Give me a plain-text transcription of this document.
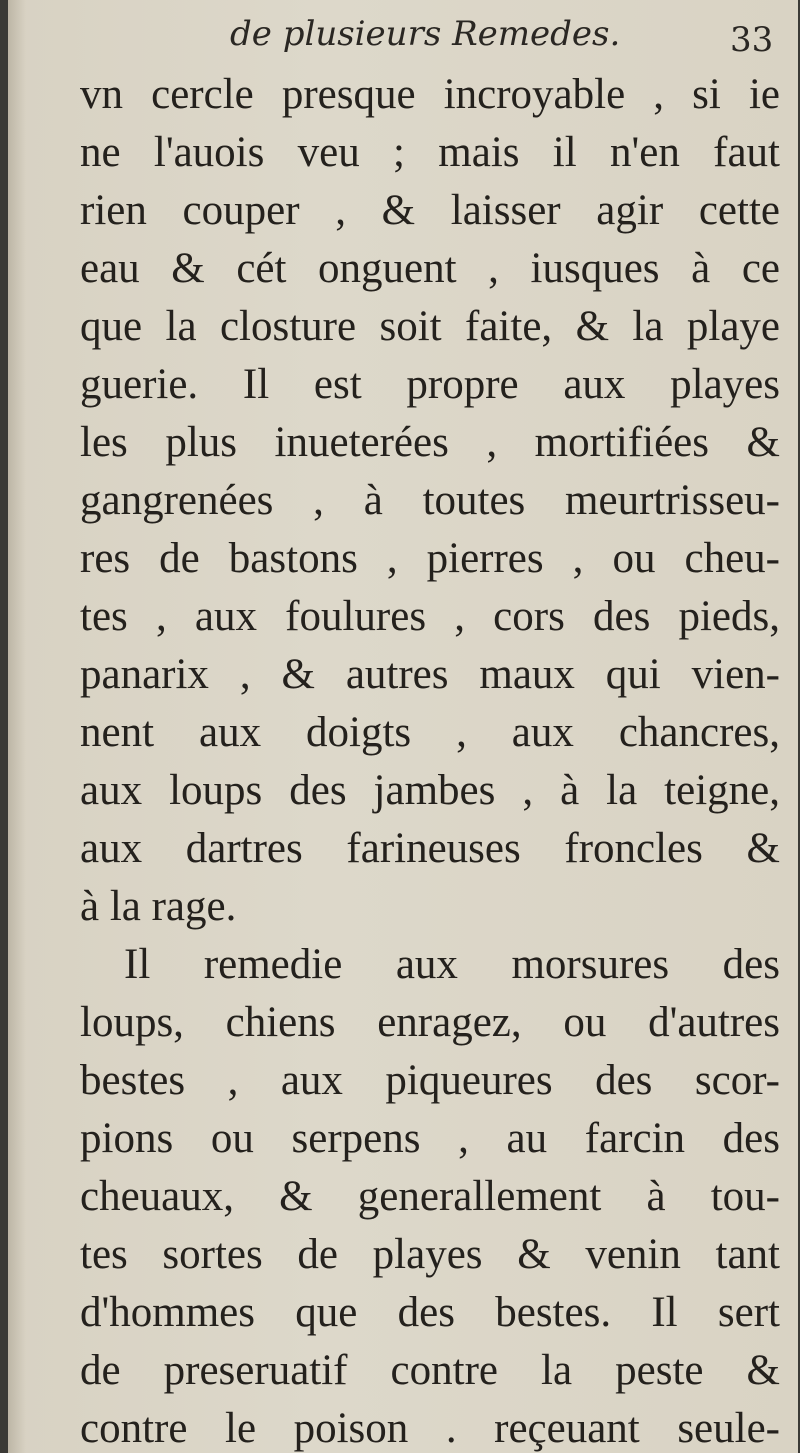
de plusieurs Remedes.	33
vn cercle presque incroyable , si ie
ne l'auois veu ; mais il n'en faut
rien couper , & laisser agir cette
eau & cét onguent , iusques à ce
que la closture soit faite, & la playe
guerie. Il est propre aux playes
les plus inueterées , mortifiées &
gangrenées , à toutes meurtrisseu-
res de bastons , pierres , ou cheu-
tes , aux foulures , cors des pieds,
panarix , & autres maux qui vien-
nent aux doigts , aux chancres,
aux loups des jambes , à la teigne,
aux dartres farineuses froncles &
à la rage.
Il remedie aux morsures des
loups, chiens enragez, ou d'autres
bestes , aux piqueures des scor-
pions ou serpens , au farcin des
cheuaux, & generallement à tou-
tes sortes de playes & venin tant
d'hommes que des bestes. Il sert
de preseruatif contre la peste &
contre le poison . reçeuant seule-
